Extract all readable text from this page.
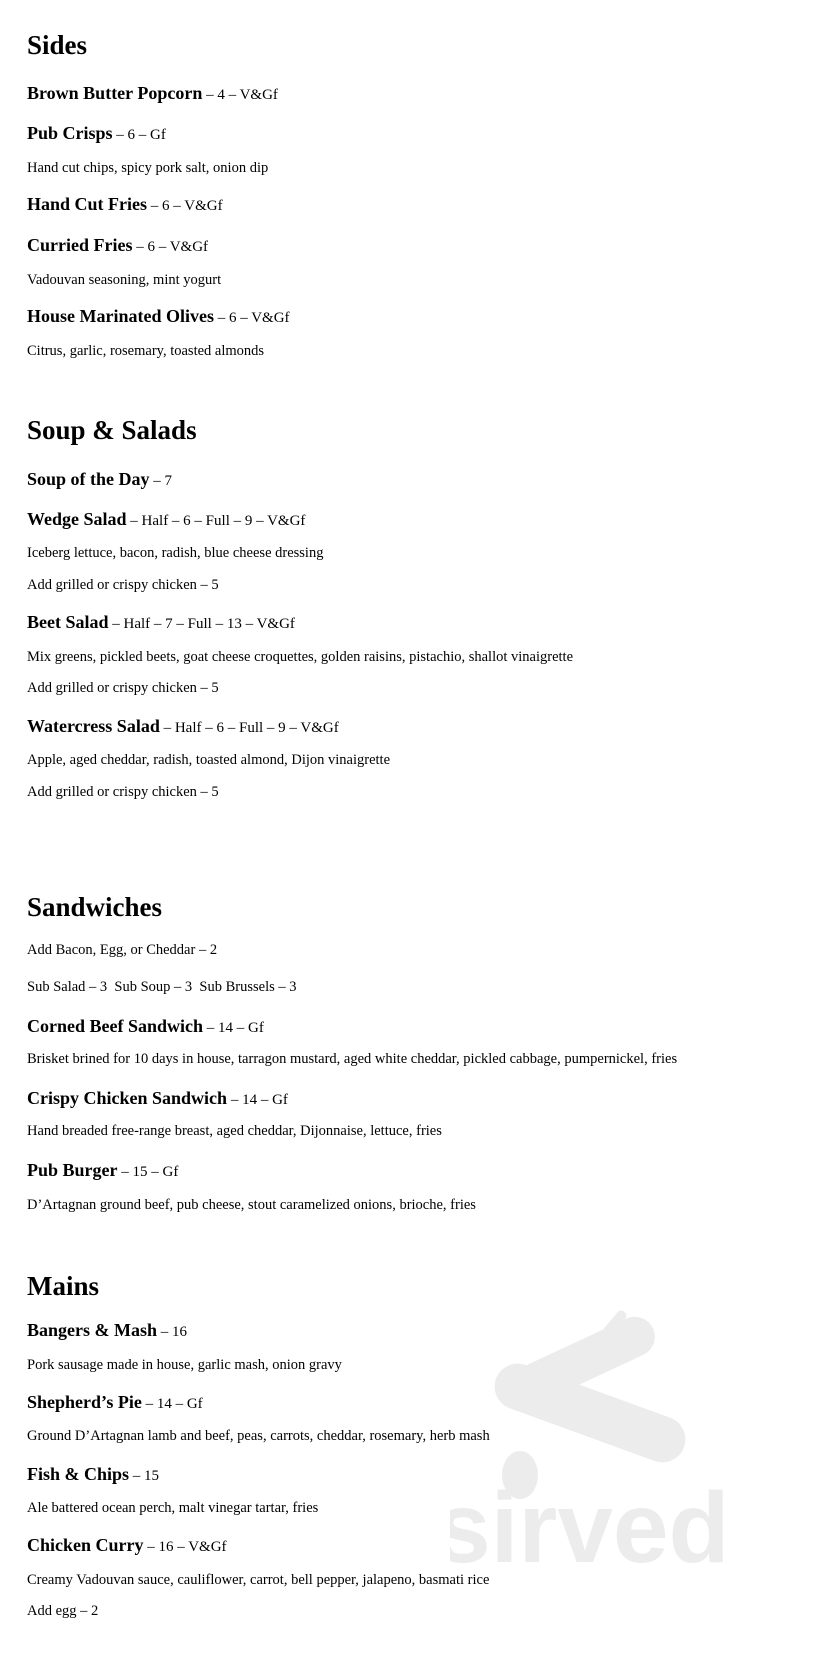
sirved
Sides
Brown Butter Popcorn – 4 – V&Gf
Pub Crisps – 6 – Gf
Hand cut chips, spicy pork salt, onion dip
Hand Cut Fries – 6 – V&Gf
Curried Fries – 6 – V&Gf
Vadouvan seasoning, mint yogurt
House Marinated Olives – 6 – V&Gf
Citrus, garlic, rosemary, toasted almonds
Soup & Salads
Soup of the Day – 7
Wedge Salad – Half – 6 – Full – 9 – V&Gf
Iceberg lettuce, bacon, radish, blue cheese dressing
Add grilled or crispy chicken – 5
Beet Salad – Half – 7 – Full – 13 – V&Gf
Mix greens, pickled beets, goat cheese croquettes, golden raisins, pistachio, shallot vinaigrette
Add grilled or crispy chicken – 5
Watercress Salad – Half – 6 – Full – 9 – V&Gf
Apple, aged cheddar, radish, toasted almond, Dijon vinaigrette
Add grilled or crispy chicken – 5
Sandwiches
Add Bacon, Egg, or Cheddar – 2
Sub Salad – 3  Sub Soup – 3  Sub Brussels – 3
Corned Beef Sandwich – 14 – Gf
Brisket brined for 10 days in house, tarragon mustard, aged white cheddar, pickled cabbage, pumpernickel, fries
Crispy Chicken Sandwich – 14 – Gf
Hand breaded free-range breast, aged cheddar, Dijonnaise, lettuce, fries
Pub Burger – 15 – Gf
D’Artagnan ground beef, pub cheese, stout caramelized onions, brioche, fries
Mains
Bangers & Mash – 16
Pork sausage made in house, garlic mash, onion gravy
Shepherd’s Pie – 14 – Gf
Ground D’Artagnan lamb and beef, peas, carrots, cheddar, rosemary, herb mash
Fish & Chips – 15
Ale battered ocean perch, malt vinegar tartar, fries
Chicken Curry – 16 – V&Gf
Creamy Vadouvan sauce, cauliflower, carrot, bell pepper, jalapeno, basmati rice
Add egg – 2
